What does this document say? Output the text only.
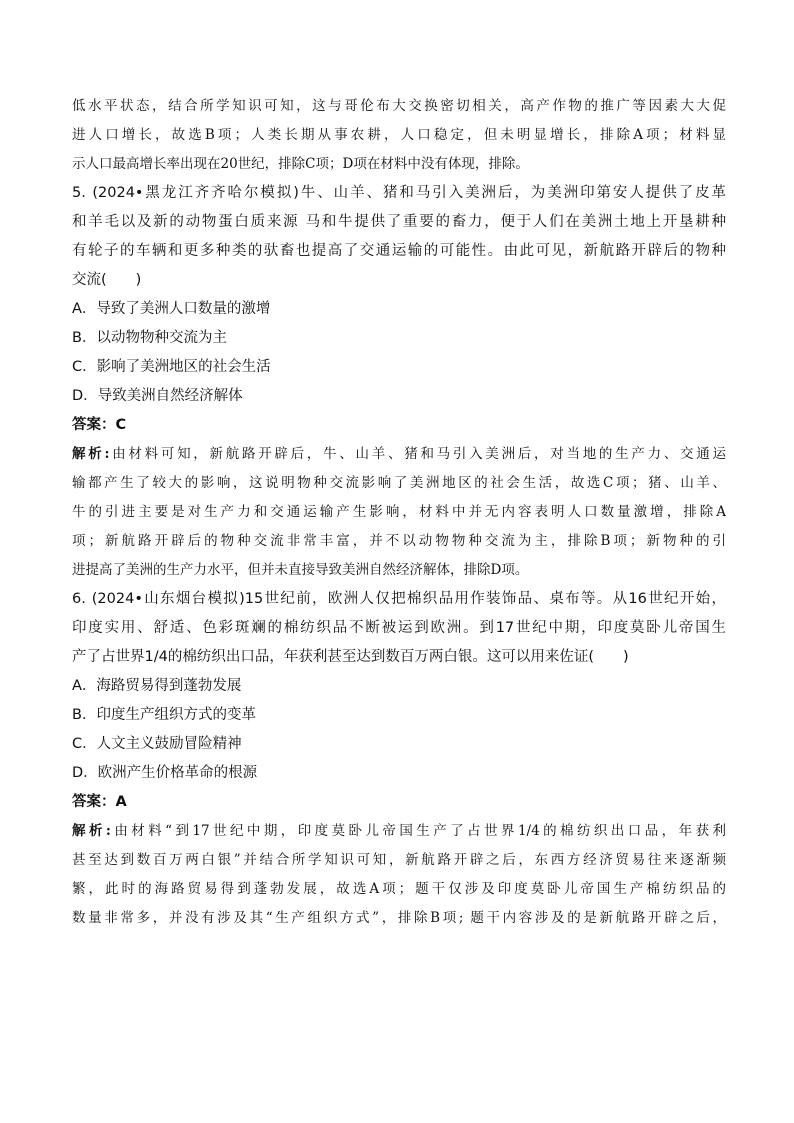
低水平状态，结合所学知识可知，这与哥伦布大交换密切相关，高产作物的推广等因素大大促
进人口增长，故选B项；人类长期从事农耕，人口稳定，但未明显增长，排除A项；材料显
示人口最高增长率出现在20世纪，排除C项；D项在材料中没有体现，排除。
5. (2024•黑龙江齐齐哈尔模拟)牛、山羊、猪和马引入美洲后，为美洲印第安人提供了皮革
和羊毛以及新的动物蛋白质来源 马和牛提供了重要的畜力，便于人们在美洲土地上开垦耕种
有轮子的车辆和更多种类的驮畜也提高了交通运输的可能性。由此可见，新航路开辟后的物种
交流(　　)
A．导致了美洲人口数量的激增
B．以动物物种交流为主
C．影响了美洲地区的社会生活
D．导致美洲自然经济解体
答案：C
解析:由材料可知，新航路开辟后，牛、山羊、猪和马引入美洲后，对当地的生产力、交通运
输都产生了较大的影响，这说明物种交流影响了美洲地区的社会生活，故选C项；猪、山羊、
牛的引进主要是对生产力和交通运输产生影响，材料中并无内容表明人口数量激增，排除A
项；新航路开辟后的物种交流非常丰富，并不以动物物种交流为主，排除B项；新物种的引
进提高了美洲的生产力水平，但并未直接导致美洲自然经济解体，排除D项。
6. (2024•山东烟台模拟)15世纪前，欧洲人仅把棉织品用作装饰品、桌布等。从16世纪开始，
印度实用、舒适、色彩斑斓的棉纺织品不断被运到欧洲。到17世纪中期，印度莫卧儿帝国生
产了占世界1/4的棉纺织出口品，年获利甚至达到数百万两白银。这可以用来佐证(　　)
A．海路贸易得到蓬勃发展
B．印度生产组织方式的变革
C．人文主义鼓励冒险精神
D．欧洲产生价格革命的根源
答案：A
解析:由材料“到17世纪中期，印度莫卧儿帝国生产了占世界1/4的棉纺织出口品，年获利
甚至达到数百万两白银”并结合所学知识可知，新航路开辟之后，东西方经济贸易往来逐渐频
繁，此时的海路贸易得到蓬勃发展，故选A项；题干仅涉及印度莫卧儿帝国生产棉纺织品的
数量非常多，并没有涉及其“生产组织方式”，排除B项; 题干内容涉及的是新航路开辟之后，
